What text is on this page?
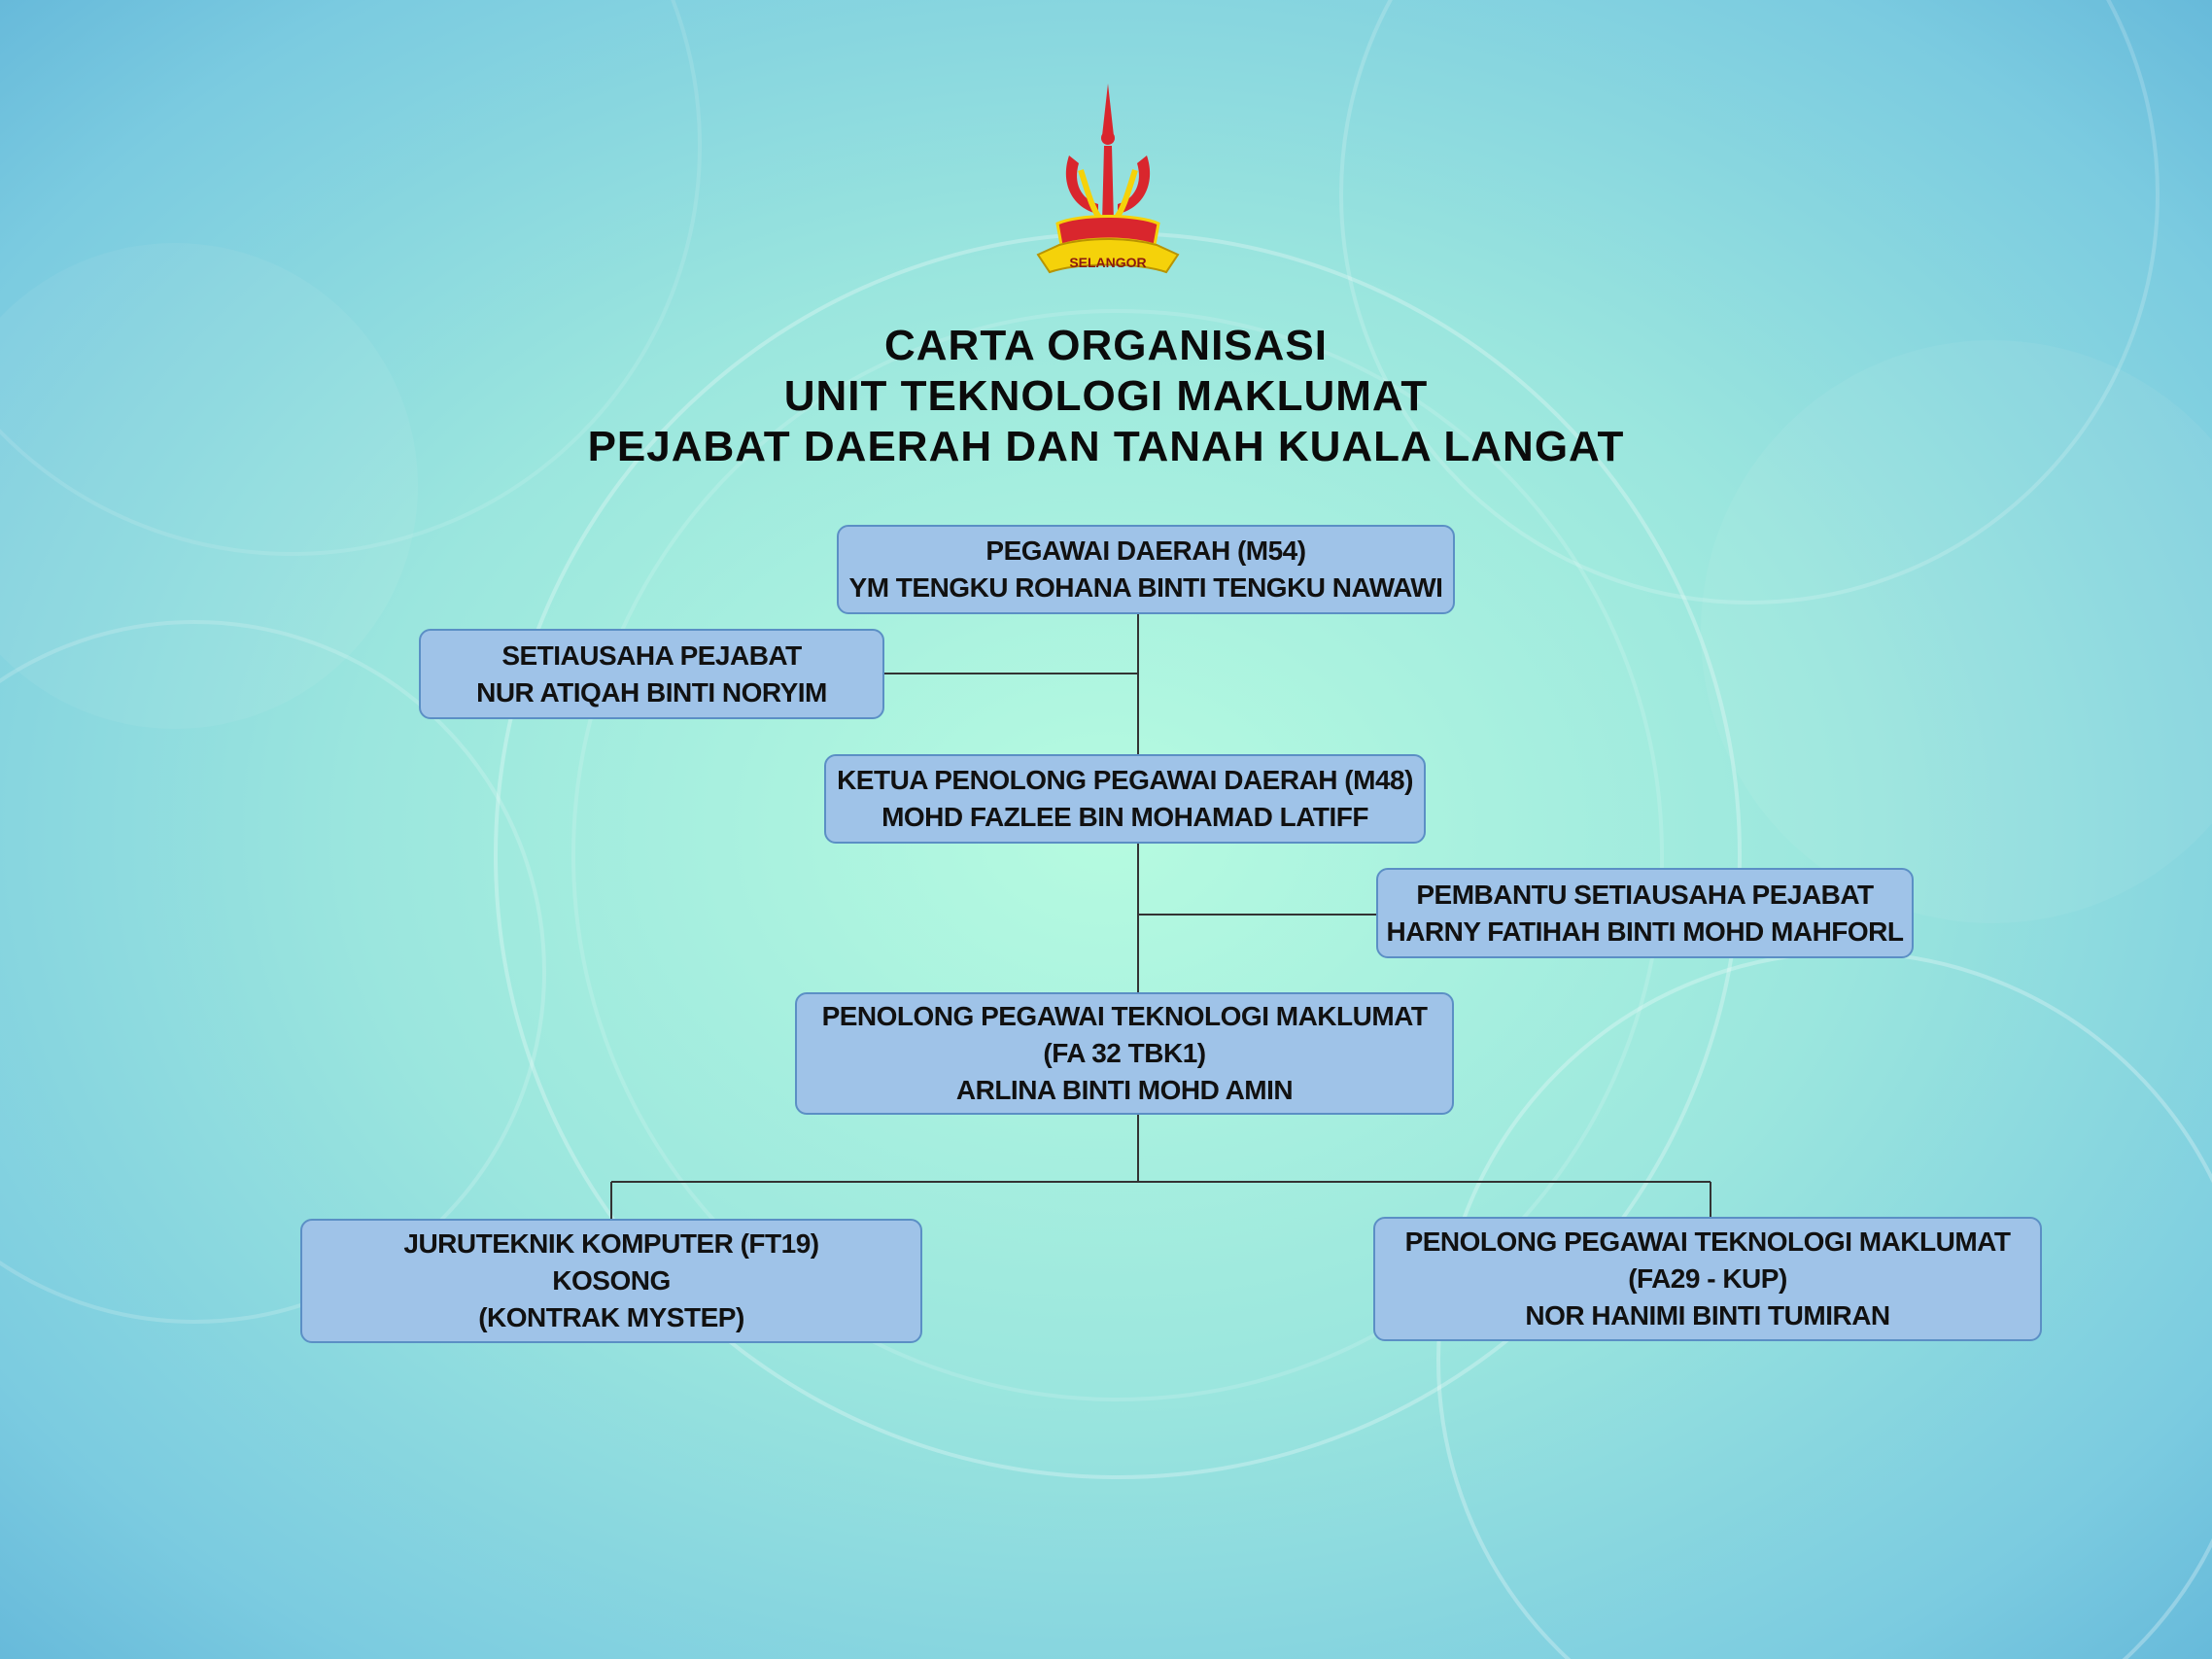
SELANGOR
CARTA ORGANISASI
UNIT TEKNOLOGI MAKLUMAT
PEJABAT DAERAH DAN TANAH KUALA LANGAT
PEGAWAI DAERAH (M54)
YM TENGKU ROHANA BINTI TENGKU NAWAWI
SETIAUSAHA PEJABAT
NUR ATIQAH BINTI NORYIM
KETUA PENOLONG PEGAWAI DAERAH (M48)
MOHD FAZLEE BIN MOHAMAD LATIFF
PEMBANTU SETIAUSAHA PEJABAT
HARNY FATIHAH BINTI MOHD MAHFORL
PENOLONG PEGAWAI TEKNOLOGI MAKLUMAT
(FA 32 TBK1)
ARLINA BINTI MOHD AMIN
JURUTEKNIK KOMPUTER (FT19)
KOSONG
(KONTRAK MYSTEP)
PENOLONG PEGAWAI TEKNOLOGI MAKLUMAT
(FA29 - KUP)
NOR HANIMI BINTI TUMIRAN
